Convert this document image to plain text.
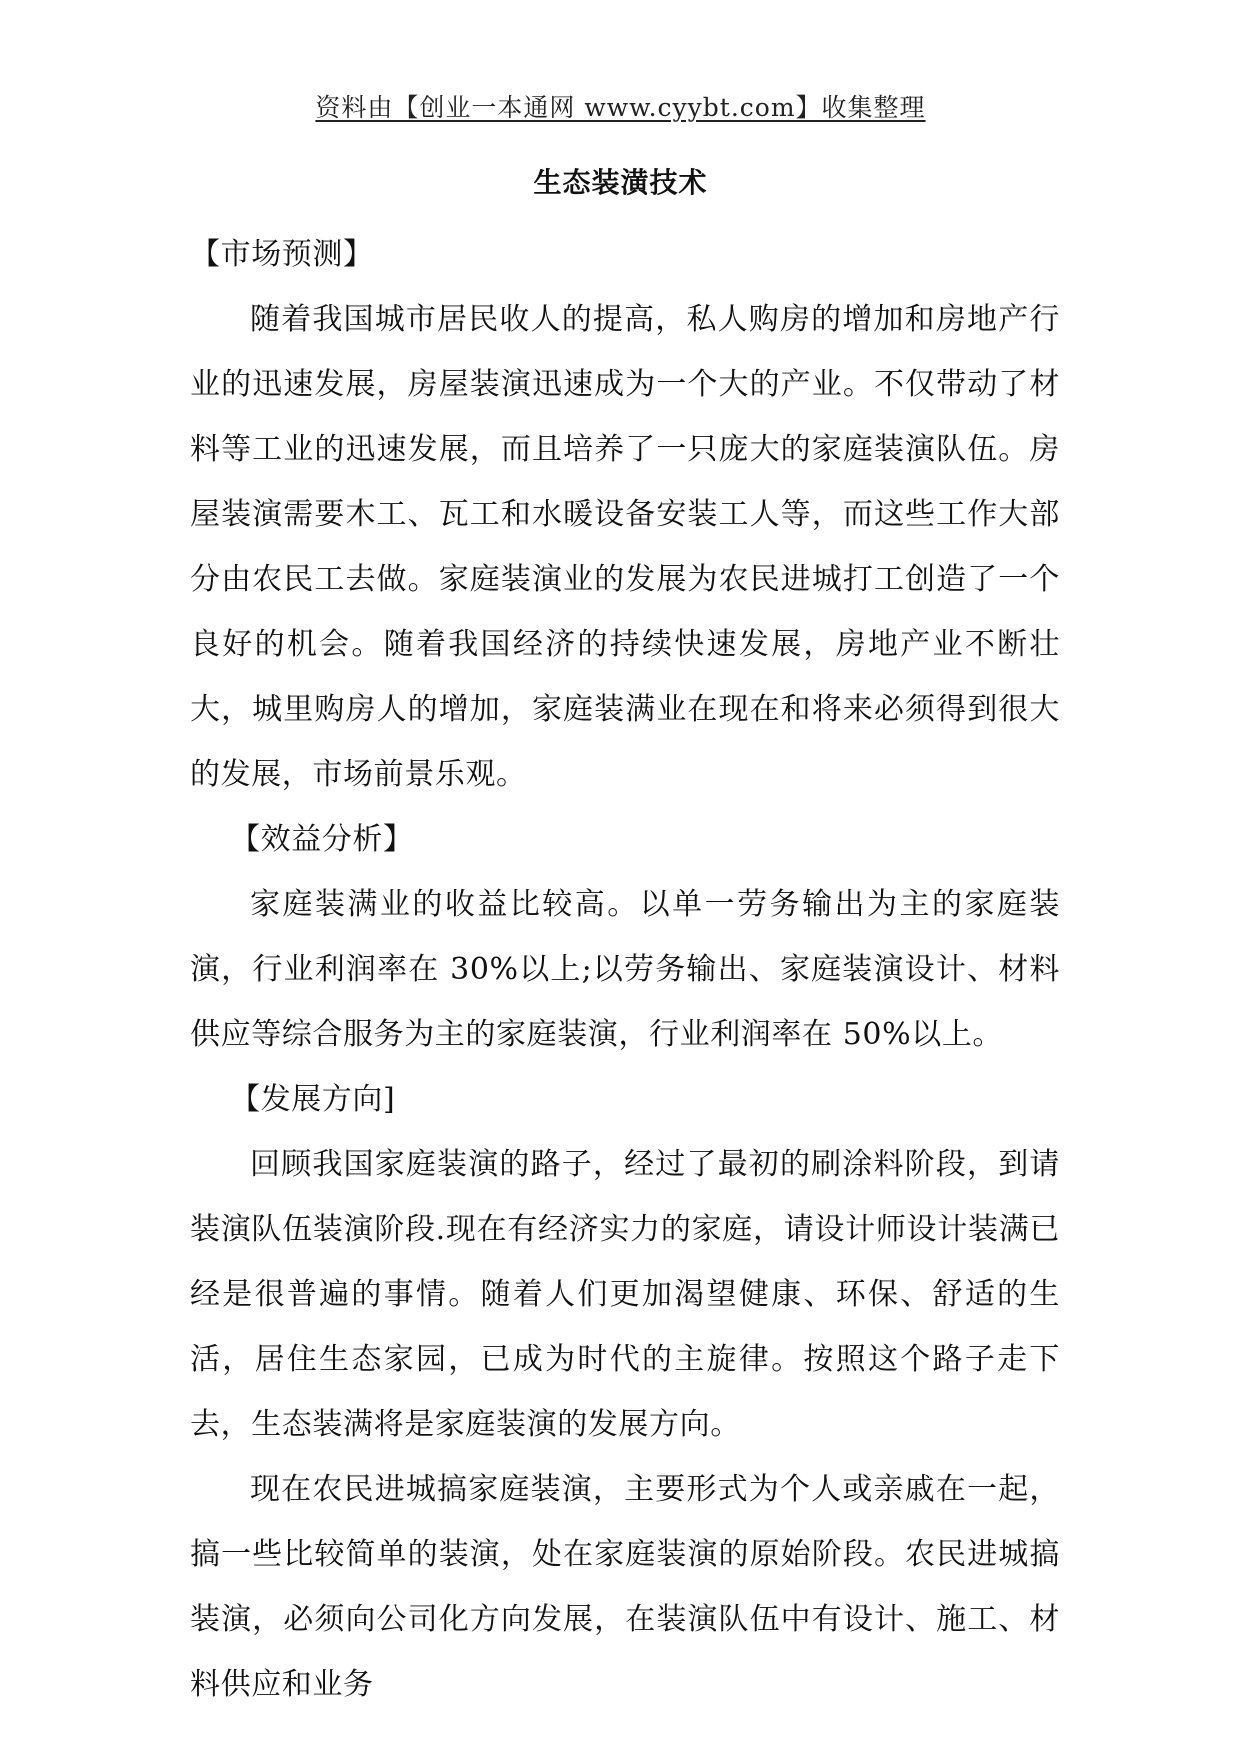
资料由【创业一本通网 www.cyybt.com】收集整理
生态装潢技术

【市场预测】

随着我国城市居民收人的提高，私人购房的增加和房地产行业的迅速发展，房屋装演迅速成为一个大的产业。不仅带动了材料等工业的迅速发展，而且培养了一只庞大的家庭装演队伍。房屋装演需要木工、瓦工和水暖设备安装工人等，而这些工作大部分由农民工去做。家庭装演业的发展为农民进城打工创造了一个良好的机会。随着我国经济的持续快速发展，房地产业不断壮大，城里购房人的增加，家庭装满业在现在和将来必须得到很大的发展，市场前景乐观。

【效益分析】

家庭装满业的收益比较高。以单一劳务输出为主的家庭装演，行业利润率在 30%以上;以劳务输出、家庭装演设计、材料供应等综合服务为主的家庭装演，行业利润率在 50%以上。

【发展方向]

回顾我国家庭装演的路子，经过了最初的刷涂料阶段，到请装演队伍装演阶段.现在有经济实力的家庭，请设计师设计装满已经是很普遍的事情。随着人们更加渴望健康、环保、舒适的生活，居住生态家园，已成为时代的主旋律。按照这个路子走下去，生态装满将是家庭装演的发展方向。

现在农民进城搞家庭装演，主要形式为个人或亲戚在一起，搞一些比较简单的装演，处在家庭装演的原始阶段。农民进城搞装演，必须向公司化方向发展，在装演队伍中有设计、施工、材料供应和业务
